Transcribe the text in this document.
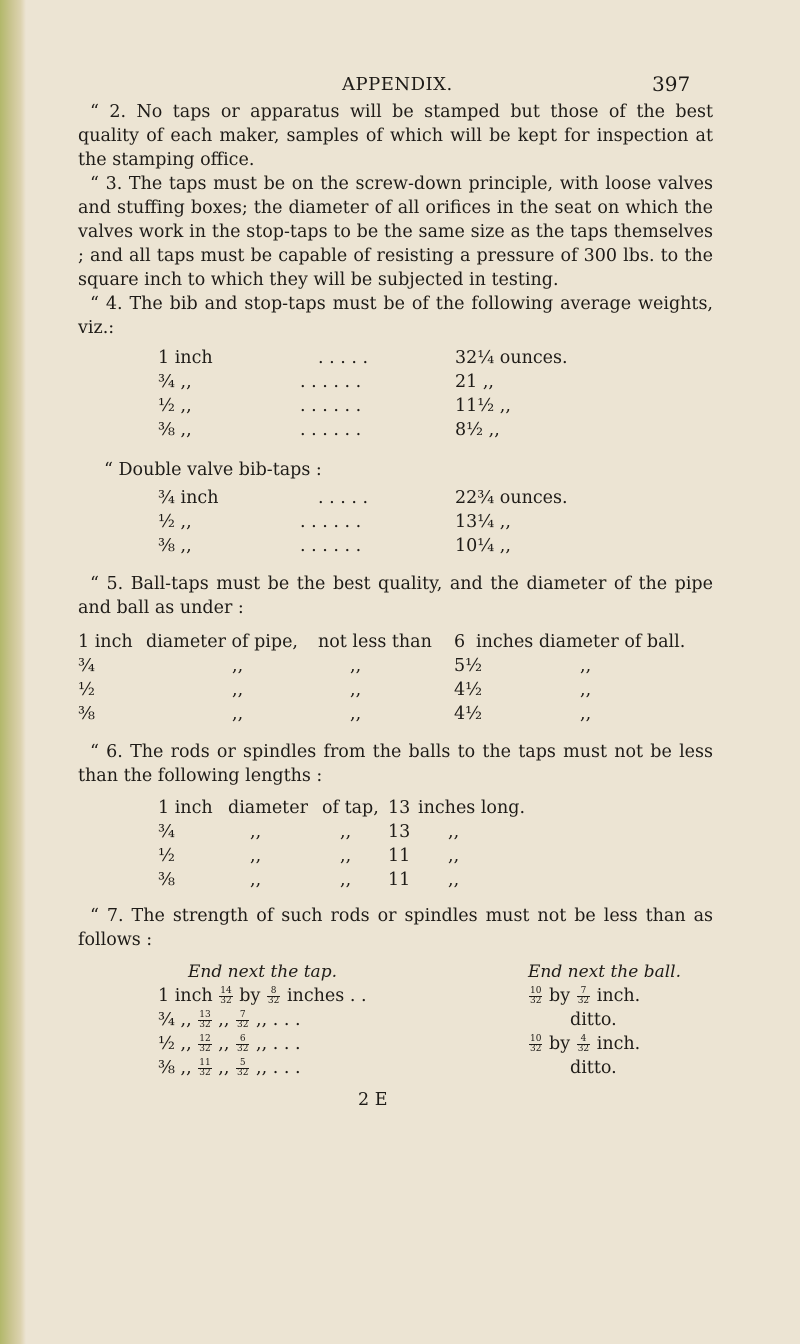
APPENDIX.	397
“ 2. No taps or apparatus will be stamped but those of the best quality of each maker, samples of which will be kept for inspection at the stamping office.
“ 3. The taps must be on the screw-down principle, with loose valves and stuffing boxes; the diameter of all orifices in the seat on which the valves work in the stop-taps to be the same size as the taps themselves ; and all taps must be capable of resisting a pressure of 300 lbs. to the square inch to which they will be subjected in testing.
“ 4. The bib and stop-taps must be of the following average weights, viz.:
1 inch	. . . . .	32¼ ounces.
¾ ,,	. . . . . .	21 ,,
½ ,,	. . . . . .	11½ ,,
⅜ ,,	. . . . . .	8½ ,,
“ Double valve bib-taps :
¾ inch	. . . . .	22¾ ounces.
½ ,,	. . . . . .	13¼ ,,
⅜ ,,	. . . . . .	10¼ ,,
“ 5. Ball-taps must be the best quality, and the diameter of the pipe and ball as under :
1 inch diameter of pipe, not less than 6 inches diameter of ball.
¾	,,	,,	5½	,,
½	,,	,,	4½	,,
⅜	,,	,,	4½	,,
“ 6. The rods or spindles from the balls to the taps must not be less than the following lengths :
1 inch diameter of tap, 13 inches long.
¾	,,	,, 13 ,,
½	,,	,, 11 ,,
⅜	,,	,, 11 ,,
“ 7. The strength of such rods or spindles must not be less than as follows :
End next the tap.	End next the ball.
1 inch $\frac{14}{32}$ by $\frac{8}{32}$ inches . .	$\frac{10}{32}$ by $\frac{7}{32}$ inch.
¾ ,, $\frac{13}{32}$ ,, $\frac{7}{32}$ ,, . . .	ditto.
½ ,, $\frac{12}{32}$ ,, $\frac{6}{32}$ ,, . . .	$\frac{10}{32}$ by $\frac{4}{32}$ inch.
⅜ ,, $\frac{11}{32}$ ,, $\frac{5}{32}$ ,, . . .	ditto.
2 E
